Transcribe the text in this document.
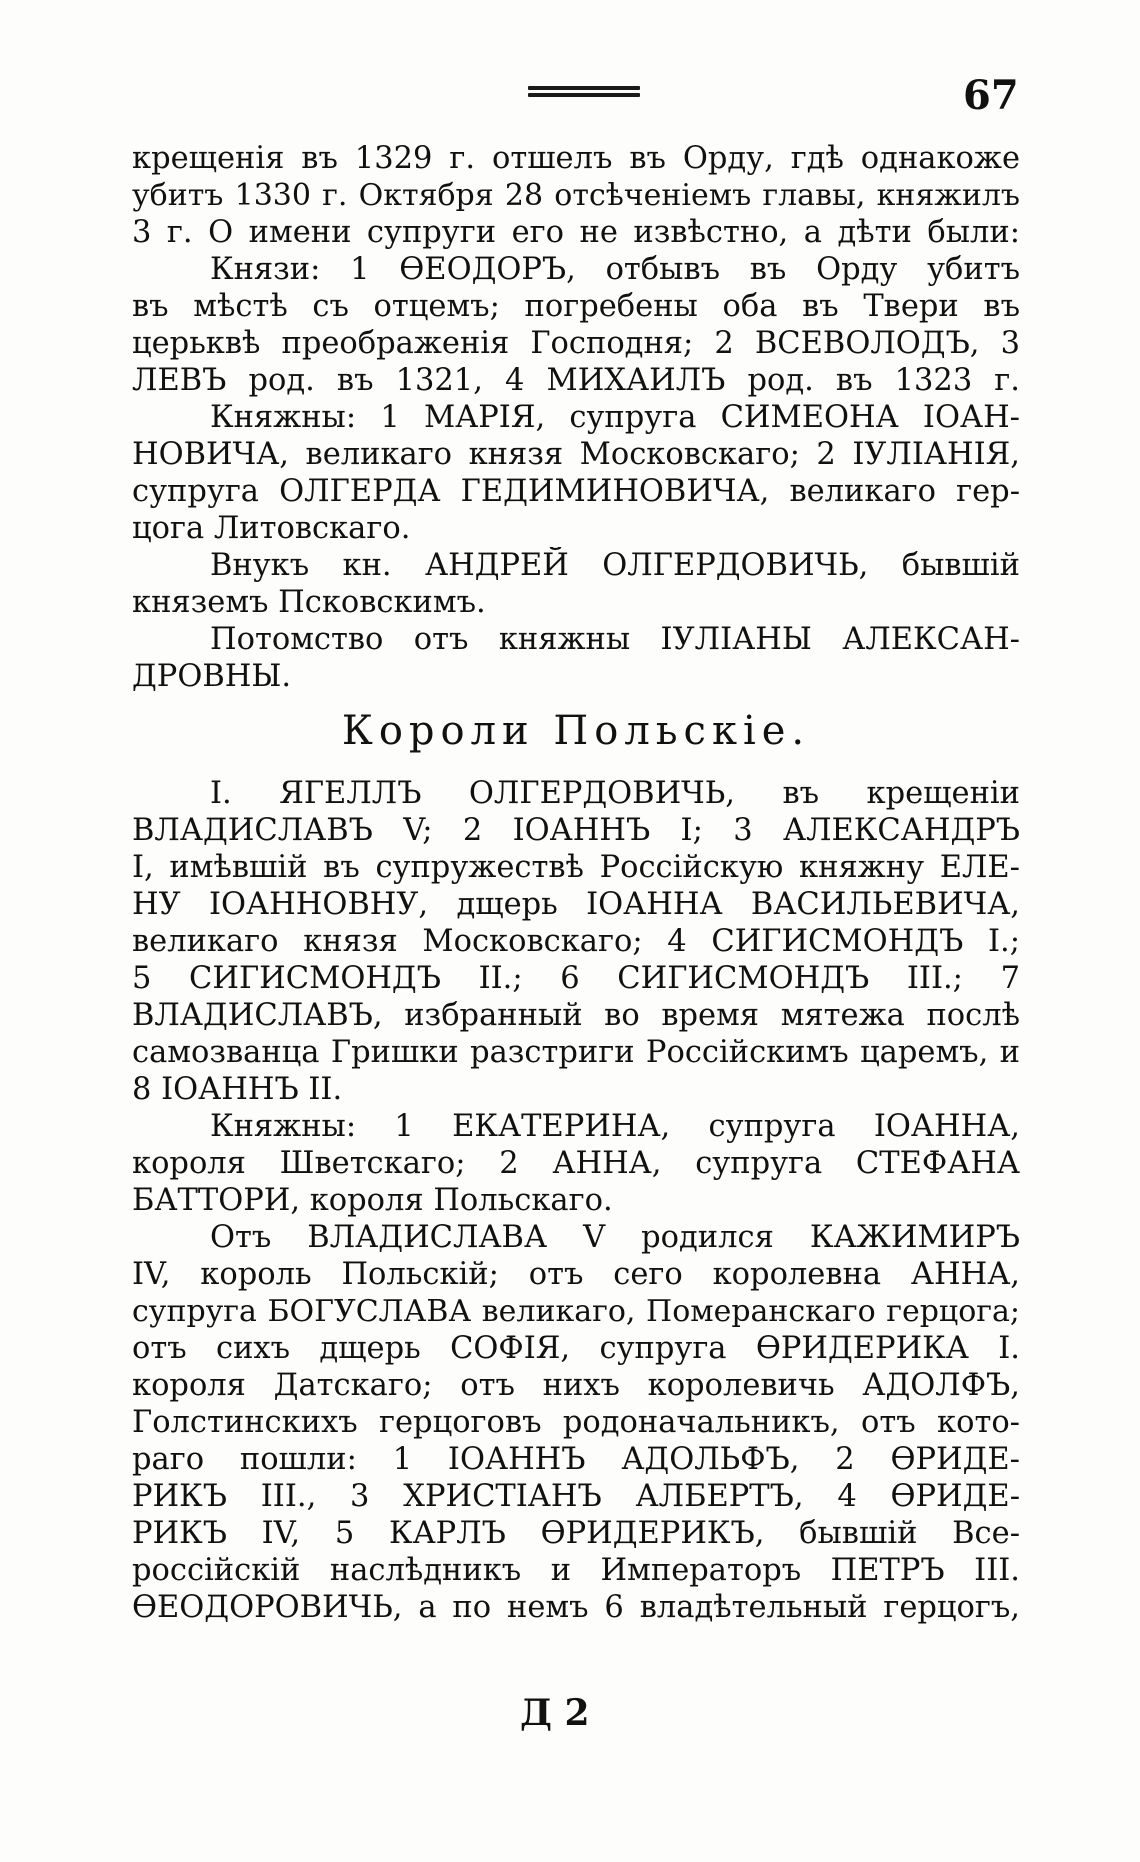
67
крещенія въ 1329 г. отшелъ въ Орду, гдѣ однакоже
убитъ 1330 г. Октября 28 отсѣченіемъ главы, княжилъ
3 г. О имени супруги его не извѣстно, а дѣти были:
Князи: 1 ѲЕОДОРЪ, отбывъ въ Орду убитъ
въ мѣстѣ съ отцемъ; погребены оба въ Твери въ
церьквѣ преображенія Господня; 2 ВСЕВОЛОДЪ, 3
ЛЕВЪ род. въ 1321, 4 МИХАИЛЪ род. въ 1323 г.
Княжны: 1 МАРІЯ, супруга СИМЕОНА ІОАН-
НОВИЧА, великаго князя Московскаго; 2 ІУЛІАНІЯ,
супруга ОЛГЕРДА ГЕДИМИНОВИЧА, великаго гер-
цога Литовскаго.
Внукъ кн. АНДРЕЙ ОЛГЕРДОВИЧЬ, бывшій
княземъ Псковскимъ.
Потомство отъ княжны ІУЛІАНЫ АЛЕКСАН-
ДРОВНЫ.
Короли Польскіе.
I. ЯГЕЛЛЪ ОЛГЕРДОВИЧЬ, въ крещеніи
ВЛАДИСЛАВЪ V; 2 ІОАННЪ I; 3 АЛЕКСАНДРЪ
I, имѣвшій въ супружествѣ Россійскую княжну ЕЛЕ-
НУ ІОАННОВНУ, дщерь ІОАННА ВАСИЛЬЕВИЧА,
великаго князя Московскаго; 4 СИГИСМОНДЪ I.;
5 СИГИСМОНДЪ II.; 6 СИГИСМОНДЪ III.; 7
ВЛАДИСЛАВЪ, избранный во время мятежа послѣ
самозванца Гришки разстриги Россійскимъ царемъ, и
8 ІОАННЪ II.
Княжны: 1 ЕКАТЕРИНА, супруга ІОАННА,
короля Шветскаго; 2 АННА, супруга СТЕФАНА
БАТТОРИ, короля Польскаго.
Отъ ВЛАДИСЛАВА V родился КАЖИМИРЪ
IV, король Польскій; отъ сего королевна АННА,
супруга БОГУСЛАВА великаго, Померанскаго герцога;
отъ сихъ дщерь СОФІЯ, супруга ѲРИДЕРИКА I.
короля Датскаго; отъ нихъ королевичь АДОЛФЪ,
Голстинскихъ герцоговъ родоначальникъ, отъ кото-
раго пошли: 1 ІОАННЪ АДОЛЬФЪ, 2 ѲРИДЕ-
РИКЪ III., 3 ХРИСТІАНЪ АЛБЕРТЪ, 4 ѲРИДЕ-
РИКЪ IV, 5 КАРЛЪ ѲРИДЕРИКЪ, бывшій Все-
россійскій наслѣдникъ и Императоръ ПЕТРЪ III.
ѲЕОДОРОВИЧЬ, а по немъ 6 владѣтельный герцогъ,
Д 2
